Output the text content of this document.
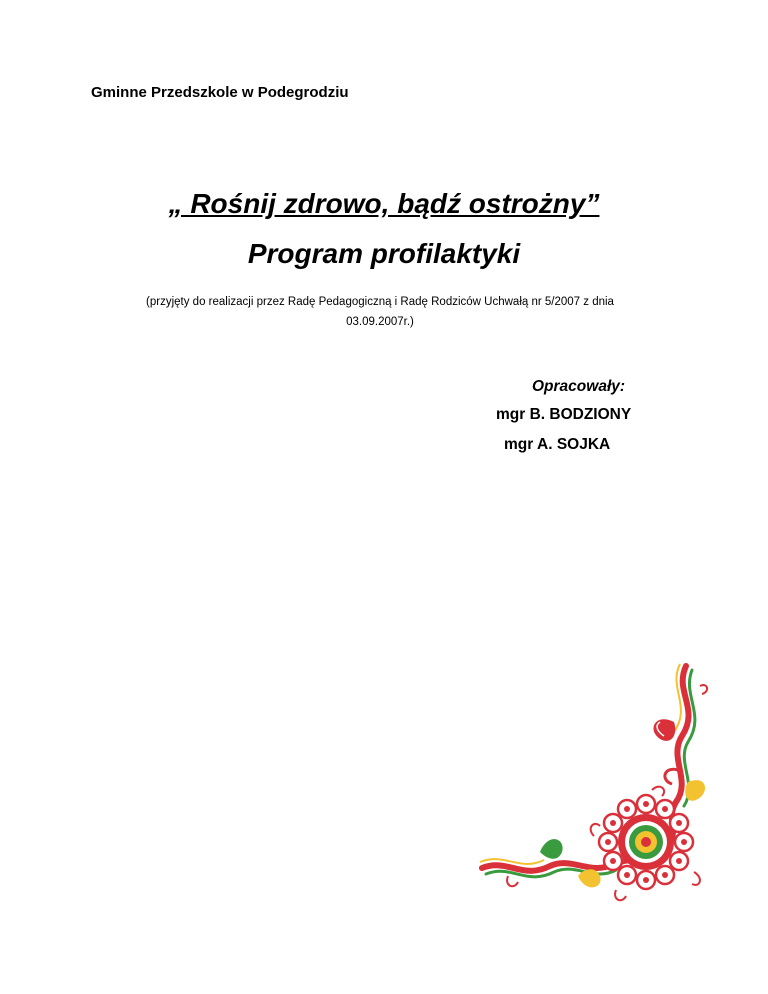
Gminne Przedszkole w Podegrodziu
„ Rośnij zdrowo, bądź ostrożny”
Program profilaktyki
(przyjęty do realizacji przez Radę Pedagogiczną i Radę Rodziców Uchwałą nr 5/2007 z dnia
03.09.2007r.)
Opracowały:
mgr B. BODZIONY
mgr A. SOJKA
